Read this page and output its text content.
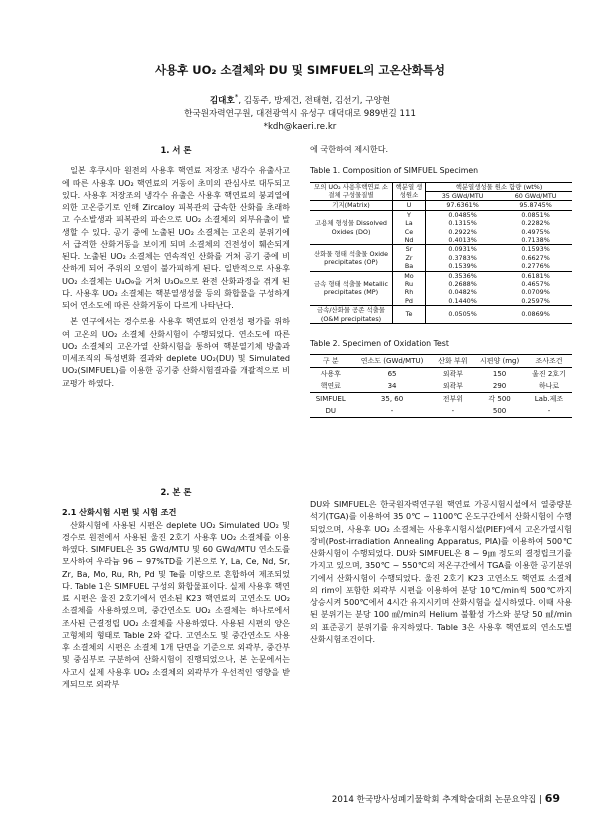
사용후 UO₂ 소결체와 DU 및 SIMFUEL의 고온산화특성
김대호*, 김동주, 방제건, 전태현, 김선기, 구양현
한국원자력연구원, 대전광역시 유성구 대덕대로 989번길 111
*kdh@kaeri.re.kr
1. 서 론

일본 후쿠시마 원전의 사용후 핵연료 저장조 냉각수 유출사고에 따른 사용후 UO₂ 핵연료의 거동이 초미의 관심사로 대두되고 있다. 사용후 저장조의 냉각수 유출은 사용후 핵연료의 붕괴열에 의한 고온증기로 인해 Zircaloy 피복관의 급속한 산화를 초래하고 수소발생과 피복관의 파손으로 UO₂ 소결체의 외부유출이 발생할 수 있다. 공기 중에 노출된 UO₂ 소결체는 고온의 분위기에서 급격한 산화거동을 보이게 되며 소결체의 건전성이 훼손되게 된다. 노출된 UO₂ 소결체는 연속적인 산화를 거쳐 공기 중에 비산하게 되어 주위의 오염이 불가피하게 된다. 일반적으로 사용후 UO₂ 소결체는 U₄O₉을 거쳐 U₃O₈으로 완전 산화과정을 겪게 된다. 사용후 UO₂ 소결체는 핵분열생성물 등의 화합물을 구성하게 되어 연소도에 따른 산화거동이 다르게 나타난다.

본 연구에서는 경수로용 사용후 핵연료의 안전성 평가를 위하여 고온의 UO₂ 소결체 산화시험이 수행되었다. 연소도에 따른 UO₂ 소결체의 고온가열 산화시험을 통하여 핵분열기체 방출과 미세조직의 특성변화 결과와 deplete UO₂(DU) 및 Simulated UO₂(SIMFUEL)를 이용한 공기중 산화시험결과를 개괄적으로 비교평가 하였다.

에 국한하여 제시한다.

Table 1. Composition of SIMFUEL Specimen
모의 UO₂ 사용후핵연료 소결체 구성물질별	핵분열 생성원소	핵분열생성물 원소 함량 (wt%)	
		35 GWd/MTU	60 GWd/MTU
기지(Matrix)	U	97.6361%	95.8745%
고용체 형성물 Dissolved Oxides (DO)	Y	0.0485%	0.0851%
	La	0.1315%	0.2282%
	Ce	0.2922%	0.4975%
	Nd	0.4013%	0.7138%
산화물 형태 석출물 Oxide precipitates (OP)	Sr	0.0931%	0.1593%
	Zr	0.3783%	0.6627%
	Ba	0.1539%	0.2776%
금속 형태 석출물 Metallic precipitates (MP)	Mo	0.3536%	0.6181%
	Ru	0.2688%	0.4657%
	Rh	0.0482%	0.0709%
	Pd	0.1440%	0.2597%
금속/산화물 공존 석출물 (O&M precipitates)	Te	0.0505%	0.0869%
Table 2. Specimen of Oxidation Test
구 분	연소도 (GWd/MTU)	산화 부위	시편양 (mg)	조사조건
사용후	65	외곽부	150	울진 2호기
핵연료	34	외곽부	290	하나로
SIMFUEL	35, 60	전부위	각 500	Lab.제조
DU	-	-	500	-
2. 본 론
2.1 산화시험 시편 및 시험 조건

산화시험에 사용된 시편은 deplete UO₂ Simulated UO₂ 및 경수로 원전에서 사용된 울진 2호기 사용후 UO₂ 소결체를 이용하였다. SIMFUEL은 35 GWd/MTU 및 60 GWd/MTU 연소도를 모사하여 우라늄 96 ~ 97%TD를 기본으로 Y, La, Ce, Nd, Sr, Zr, Ba, Mo, Ru, Rh, Pd 및 Te를 미량으로 혼합하여 제조되었다. Table 1은 SIMFUEL 구성의 화합물표이다. 실제 사용후 핵연료 시편은 울진 2호기에서 연소된 K23 핵연료의 고연소도 UO₂ 소결체를 사용하였으며, 중간연소도 UO₂ 소결체는 하나로에서 조사된 근결정립 UO₂ 소결체를 사용하였다. 사용된 시편의 양은 고형체의 형태로 Table 2와 같다. 고연소도 및 중간연소도 사용후 소결체의 시편은 소결체 1개 단면을 기준으로 외곽부, 중간부 및 중심부로 구분하여 산화시험이 진행되었으나, 본 논문에서는 사고시 실제 사용후 UO₂ 소결체의 외곽부가 우선적인 영향을 받게되므로 외곽부

DU와 SIMFUEL은 한국원자력연구원 핵연료 가공시험시설에서 열중량분석기(TGA)를 이용하여 35 0℃ ~ 1100℃ 온도구간에서 산화시험이 수행되었으며, 사용후 UO₂ 소결체는 사용후시험시설(PIEF)에서 고온가열시험장비(Post-irradiation Annealing Apparatus, PIA)를 이용하여 500℃ 산화시험이 수행되었다. DU와 SIMFUEL은 8 ~ 9㎛ 정도의 결정립크기를 가지고 있으며, 350℃ ~ 550℃의 저온구간에서 TGA를 이용한 공기분위기에서 산화시험이 수행되었다. 울진 2호기 K23 고연소도 핵연료 소결체의 rim이 포함한 외곽부 시편을 이용하여 분당 10℃/min씩 500℃까지 상승시켜 500℃에서 4시간 유지시키며 산화시험을 실시하였다. 이때 사용된 분위기는 분당 100 ㎖/min의 Helium 불활성 가스와 분당 50 ㎖/min의 표준공기 분위기를 유지하였다. Table 3은 사용후 핵연료의 연소도별 산화시험조건이다.

2014 한국방사성폐기물학회 추계학술대회 논문요약집 | 69
